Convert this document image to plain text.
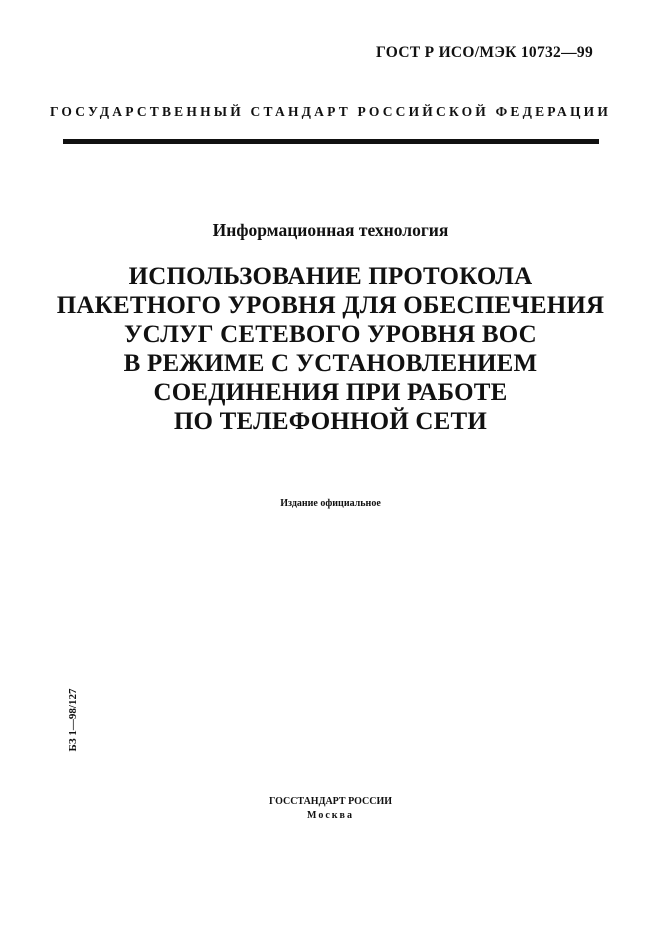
ГОСТ Р ИСО/МЭК 10732—99
ГОСУДАРСТВЕННЫЙ СТАНДАРТ РОССИЙСКОЙ ФЕДЕРАЦИИ
Информационная технология
ИСПОЛЬЗОВАНИЕ ПРОТОКОЛА
ПАКЕТНОГО УРОВНЯ ДЛЯ ОБЕСПЕЧЕНИЯ
УСЛУГ СЕТЕВОГО УРОВНЯ ВОС
В РЕЖИМЕ С УСТАНОВЛЕНИЕМ
СОЕДИНЕНИЯ ПРИ РАБОТЕ
ПО ТЕЛЕФОННОЙ СЕТИ
Издание официальное
БЗ 1—98/127
ГОССТАНДАРТ РОССИИ
Москва
